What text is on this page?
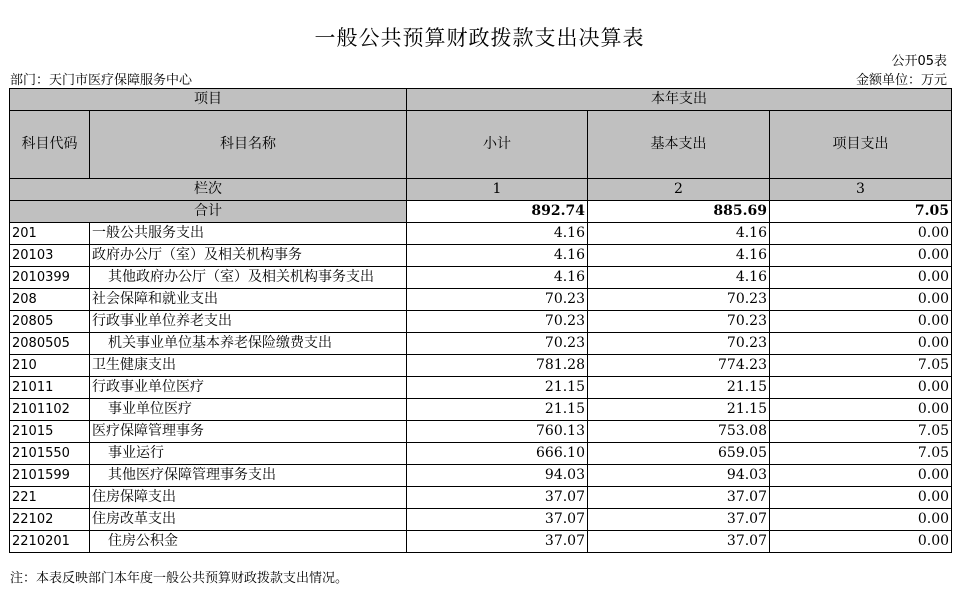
一般公共预算财政拨款支出决算表
公开05表
部门：天门市医疗保障服务中心	金额单位：万元
项目		本年支出		
科目代码	科目名称	小计	基本支出	项目支出
栏次		1	2	3
合计		892.74	885.69	7.05
201	一般公共服务支出	4.16	4.16	0.00
20103	政府办公厅（室）及相关机构事务	4.16	4.16	0.00
2010399	其他政府办公厅（室）及相关机构事务支出	4.16	4.16	0.00
208	社会保障和就业支出	70.23	70.23	0.00
20805	行政事业单位养老支出	70.23	70.23	0.00
2080505	机关事业单位基本养老保险缴费支出	70.23	70.23	0.00
210	卫生健康支出	781.28	774.23	7.05
21011	行政事业单位医疗	21.15	21.15	0.00
2101102	事业单位医疗	21.15	21.15	0.00
21015	医疗保障管理事务	760.13	753.08	7.05
2101550	事业运行	666.10	659.05	7.05
2101599	其他医疗保障管理事务支出	94.03	94.03	0.00
221	住房保障支出	37.07	37.07	0.00
22102	住房改革支出	37.07	37.07	0.00
2210201	住房公积金	37.07	37.07	0.00
注：本表反映部门本年度一般公共预算财政拨款支出情况。
